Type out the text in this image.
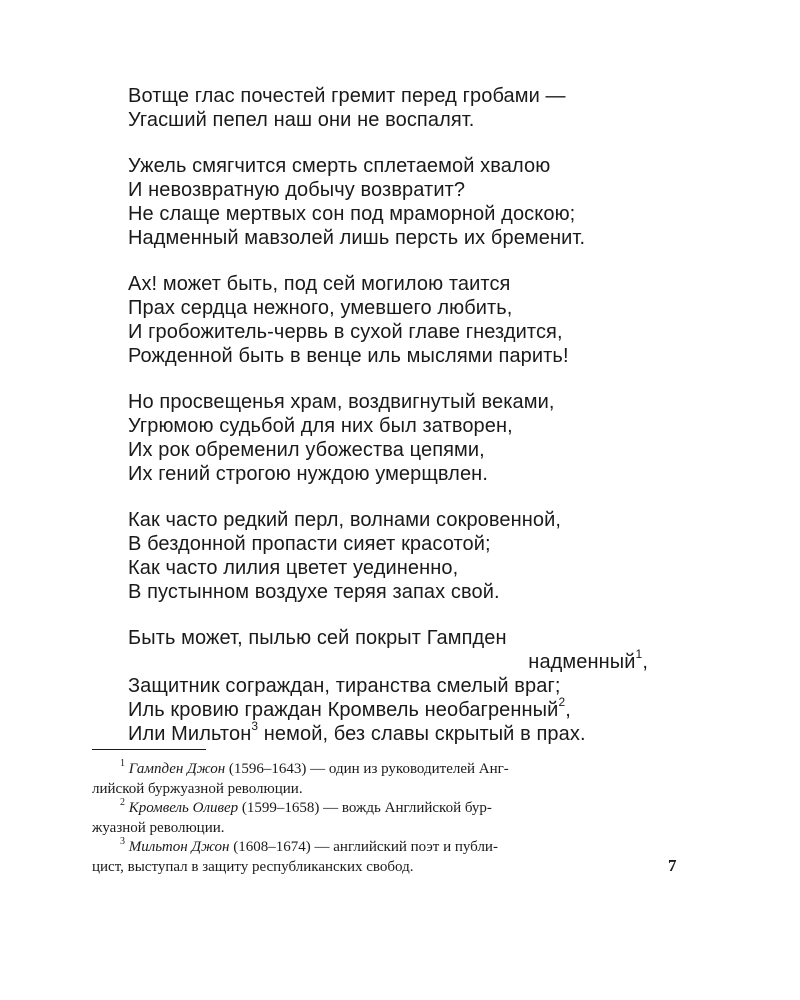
Вотще глас почестей гремит перед гробами —
Угасший пепел наш они не воспалят.
Ужель смягчится смерть сплетаемой хвалою
И невозвратную добычу возвратит?
Не слаще мертвых сон под мраморной доскою;
Надменный мавзолей лишь персть их бременит.
Ах! может быть, под сей могилою таится
Прах сердца нежного, умевшего любить,
И гробожитель-червь в сухой главе гнездится,
Рожденной быть в венце иль мыслями парить!
Но просвещенья храм, воздвигнутый веками,
Угрюмою судьбой для них был затворен,
Их рок обременил убожества цепями,
Их гений строгою нуждою умерщвлен.
Как часто редкий перл, волнами сокровенной,
В бездонной пропасти сияет красотой;
Как часто лилия цветет уединенно,
В пустынном воздухе теряя запах свой.
Быть может, пылью сей покрыт Гампден
надменный$^1$,
Защитник сограждан, тиранства смелый враг;
Иль кровию граждан Кромвель необагренный$^2$,
Или Мильтон$^3$ немой, без славы скрытый в прах.
$^1$ Гампден Джон (1596–1643) — один из руководителей Анг-
лийской буржуазной революции.
$^2$ Кромвель Оливер (1599–1658) — вождь Английской бур-
жуазной революции.
$^3$ Мильтон Джон (1608–1674) — английский поэт и публи-
цист, выступал в защиту республиканских свобод.	7
